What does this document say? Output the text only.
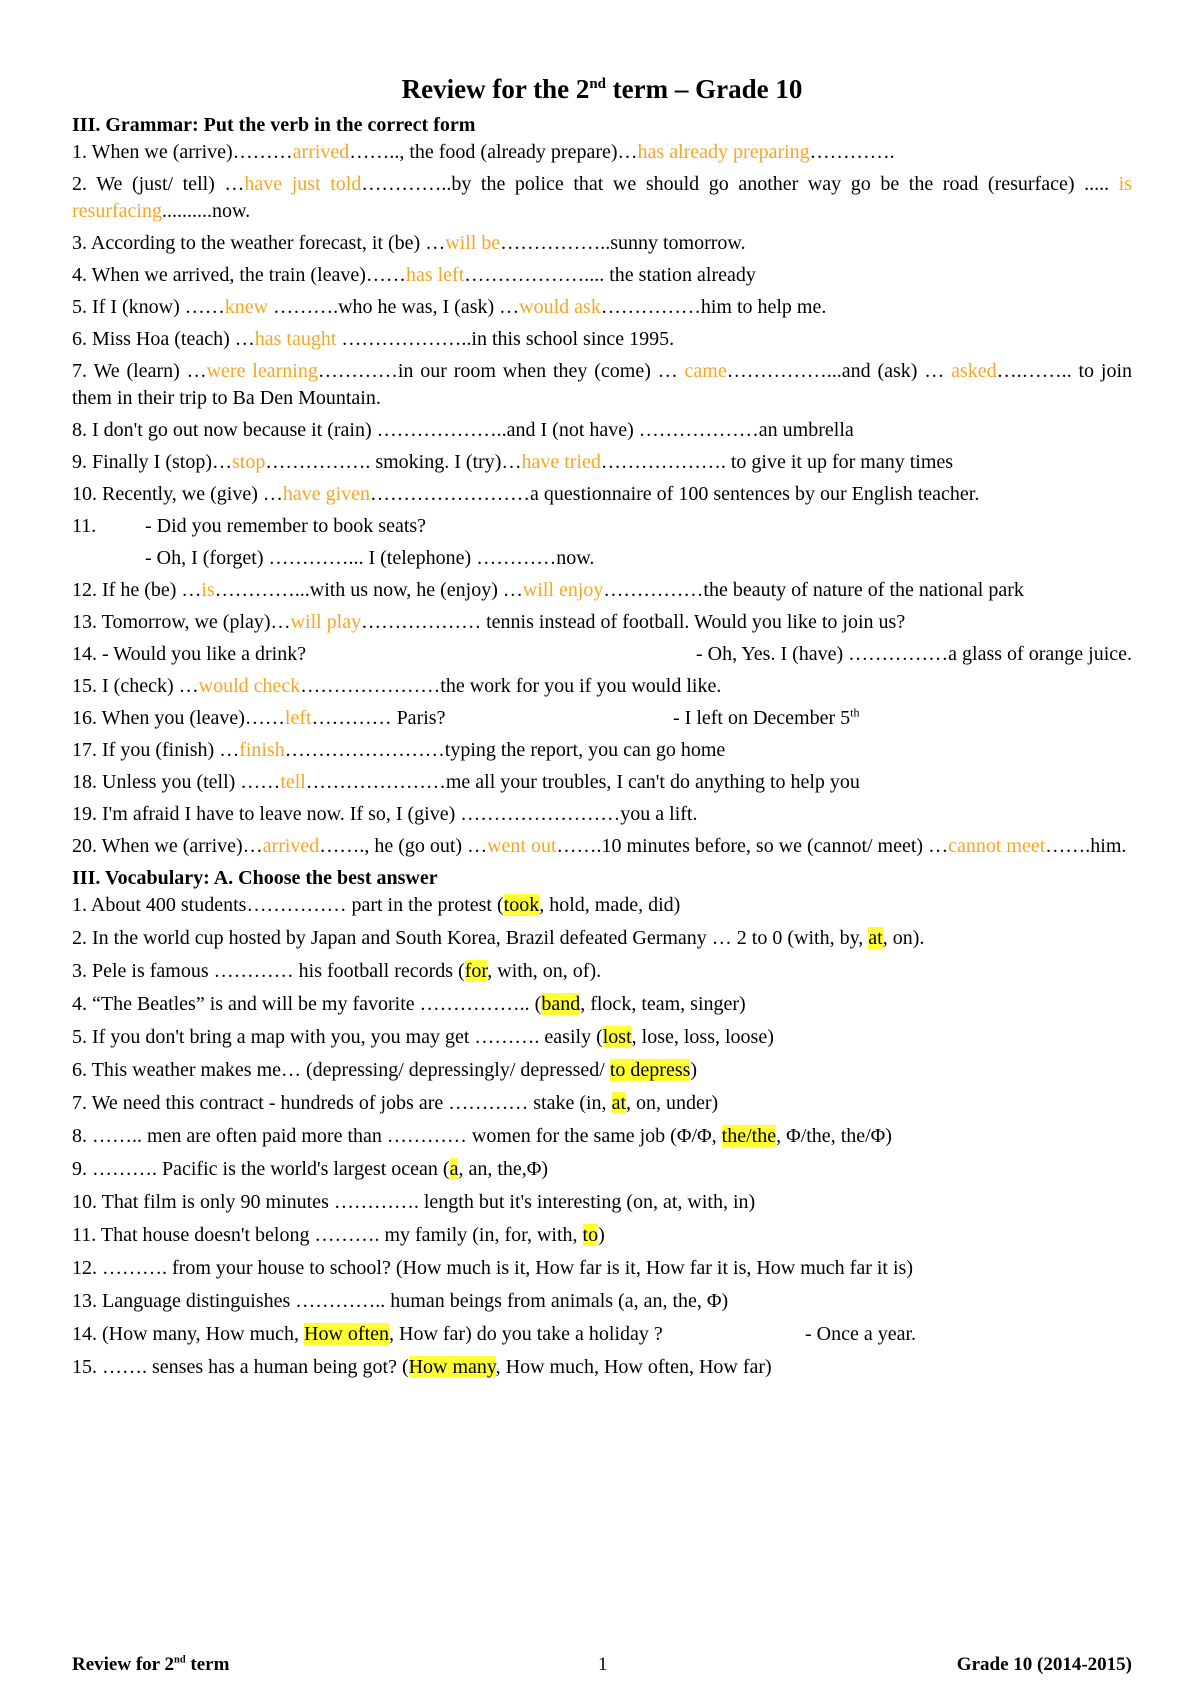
Review for the 2nd term – Grade 10

III. Grammar: Put the verb in the correct form

1. When we (arrive)………arrived…….., the food (already prepare)…has already preparing………….

2. We (just/ tell) …have just told…………..by the police that we should go another way go be the road (resurface) ..... is resurfacing..........now.

3. According to the weather forecast, it (be) …will be……………..sunny tomorrow.

4. When we arrived, the train (leave)……has left……………….... the station already

5. If I (know) ……knew ……….who he was, I (ask) …would ask……………him to help me.

6. Miss Hoa (teach) …has taught ………………..in this school since 1995.

7. We (learn) …were learning…………in our room when they (come) … came……………...and (ask) … asked….…….. to join them in their trip to Ba Den Mountain.

8. I don't go out now because it (rain) ………………..and I (not have) ………………an umbrella

9. Finally I (stop)…stop……………. smoking. I (try)…have tried………………. to give it up for many times

10. Recently, we (give) …have given……………………a questionnaire of 100 sentences by our English teacher.

11. - Did you remember to book seats?

- Oh, I (forget) …………... I (telephone) …………now.

12. If he (be) …is…………...with us now, he (enjoy) …will enjoy……………the beauty of nature of the national park

13. Tomorrow, we (play)…will play……………… tennis instead of football. Would you like to join us?

14. - Would you like a drink?	- Oh, Yes. I (have) ……………a glass of orange juice.

15. I (check) …would check…………………the work for you if you would like.

16. When you (leave)……left………… Paris?	- I left on December 5th

17. If you (finish) …finish……………………typing the report, you can go home

18. Unless you (tell) ……tell…………………me all your troubles, I can't do anything to help you

19. I'm afraid I have to leave now. If so, I (give) ……………………you a lift.

20. When we (arrive)…arrived……., he (go out) …went out…….10 minutes before, so we (cannot/ meet) …cannot meet…….him.

III. Vocabulary: A. Choose the best answer

1. About 400 students…………… part in the protest (took, hold, made, did)

2. In the world cup hosted by Japan and South Korea, Brazil defeated Germany … 2 to 0 (with, by, at, on).

3. Pele is famous ………… his football records (for, with, on, of).

4. “The Beatles” is and will be my favorite …………….. (band, flock, team, singer)

5. If you don't bring a map with you, you may get ………. easily (lost, lose, loss, loose)

6. This weather makes me… (depressing/ depressingly/ depressed/ to depress)

7. We need this contract - hundreds of jobs are ………… stake (in, at, on, under)

8. …….. men are often paid more than ………… women for the same job (Φ/Φ, the/the, Φ/the, the/Φ)

9. ………. Pacific is the world's largest ocean (a, an, the,Φ)

10. That film is only 90 minutes …………. length but it's interesting (on, at, with, in)

11. That house doesn't belong ………. my family (in, for, with, to)

12. ………. from your house to school? (How much is it, How far is it, How far it is, How much far it is)

13. Language distinguishes ………….. human beings from animals (a, an, the, Φ)

14. (How many, How much, How often, How far) do you take a holiday ?	- Once a year.

15. ……. senses has a human being got? (How many, How much, How often, How far)

Review for 2nd term	1	Grade 10 (2014-2015)
